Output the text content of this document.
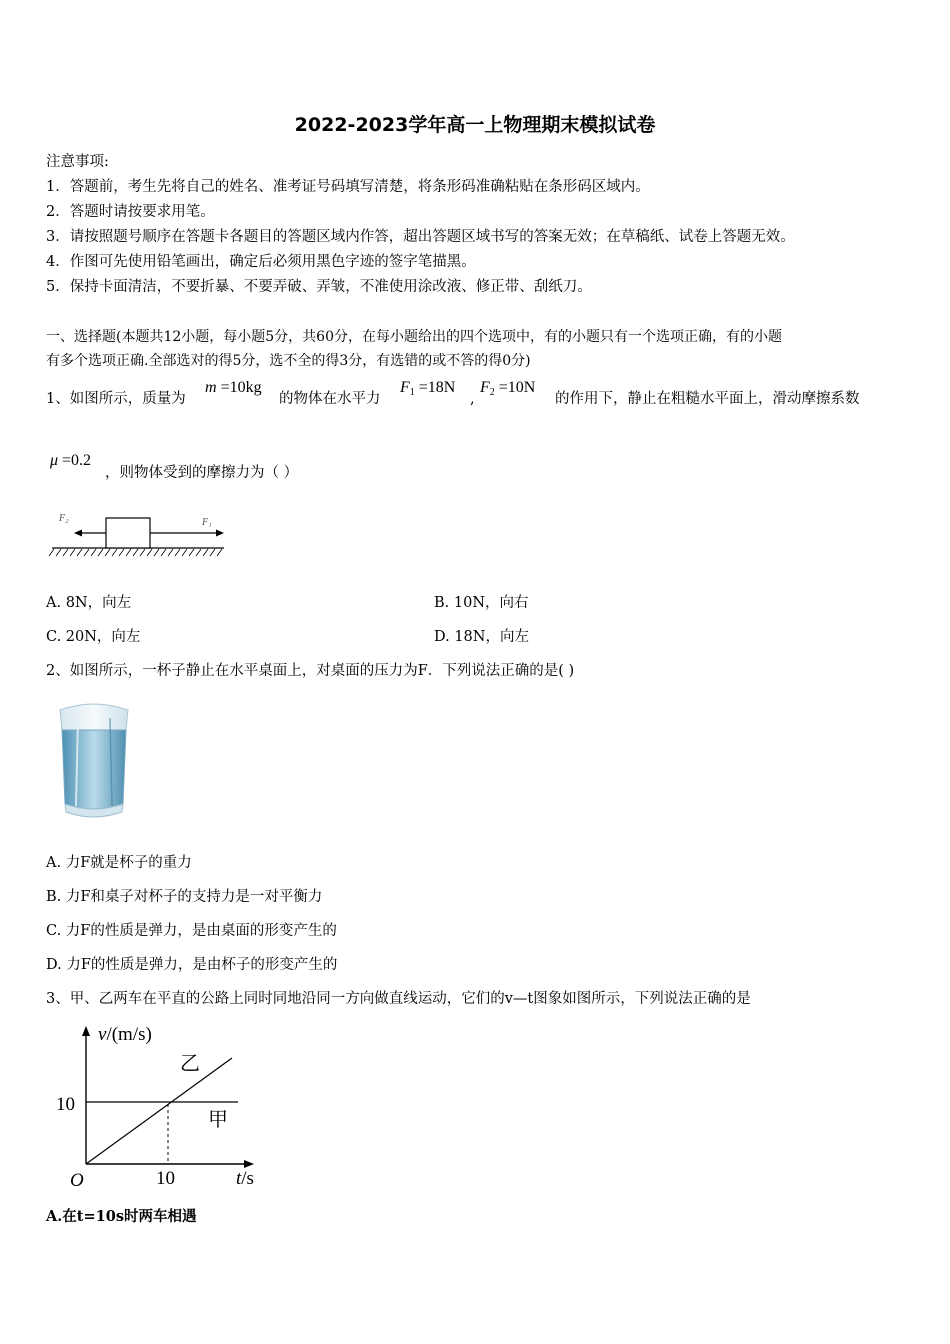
2022-2023学年高一上物理期末模拟试卷
注意事项:
1．答题前，考生先将自己的姓名、准考证号码填写清楚，将条形码准确粘贴在条形码区域内。
2．答题时请按要求用笔。
3．请按照题号顺序在答题卡各题目的答题区域内作答，超出答题区域书写的答案无效；在草稿纸、试卷上答题无效。
4．作图可先使用铅笔画出，确定后必须用黑色字迹的签字笔描黑。
5．保持卡面清洁，不要折暴、不要弄破、弄皱，不准使用涂改液、修正带、刮纸刀。
一、选择题(本题共12小题，每小题5分，共60分，在每小题给出的四个选项中，有的小题只有一个选项正确，有的小题
有多个选项正确.全部选对的得5分，选不全的得3分，有选错的或不答的得0分)
1、如图所示，质量为
m =10kg
的物体在水平力
$F_1 =18N$
,
$F_2 =10N$
的作用下，静止在粗糙水平面上，滑动摩擦系数
μ =0.2
，则物体受到的摩擦力为（ ）
F₂	F₁
A. 8N，向左	B. 10N，向右
C. 20N，向左	D. 18N，向左
2、如图所示，一杯子静止在水平桌面上，对桌面的压力为F．下列说法正确的是( )
A. 力F就是杯子的重力
B. 力F和桌子对杯子的支持力是一对平衡力
C. 力F的性质是弹力，是由桌面的形变产生的
D. 力F的性质是弹力，是由杯子的形变产生的
3、甲、乙两车在平直的公路上同时同地沿同一方向做直线运动，它们的v—t图象如图所示，下列说法正确的是
v/(m/s)
t/s
O
10
10
乙
甲
A.在t=10s时两车相遇
